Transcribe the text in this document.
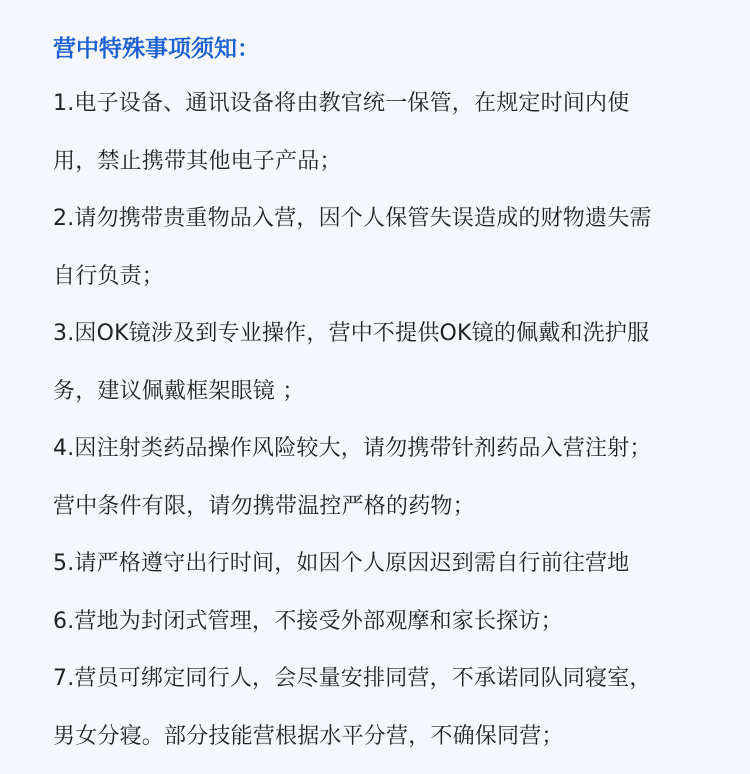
营中特殊事项须知：
1.电子设备、通讯设备将由教官统一保管，在规定时间内使
用，禁止携带其他电子产品；
2.请勿携带贵重物品入营，因个人保管失误造成的财物遗失需
自行负责；
3.因OK镜涉及到专业操作，营中不提供OK镜的佩戴和洗护服
务，建议佩戴框架眼镜 ；
4.因注射类药品操作风险较大，请勿携带针剂药品入营注射；
营中条件有限，请勿携带温控严格的药物；
5.请严格遵守出行时间，如因个人原因迟到需自行前往营地
6.营地为封闭式管理，不接受外部观摩和家长探访；
7.营员可绑定同行人，会尽量安排同营，不承诺同队同寝室，
男女分寝。部分技能营根据水平分营，不确保同营；
